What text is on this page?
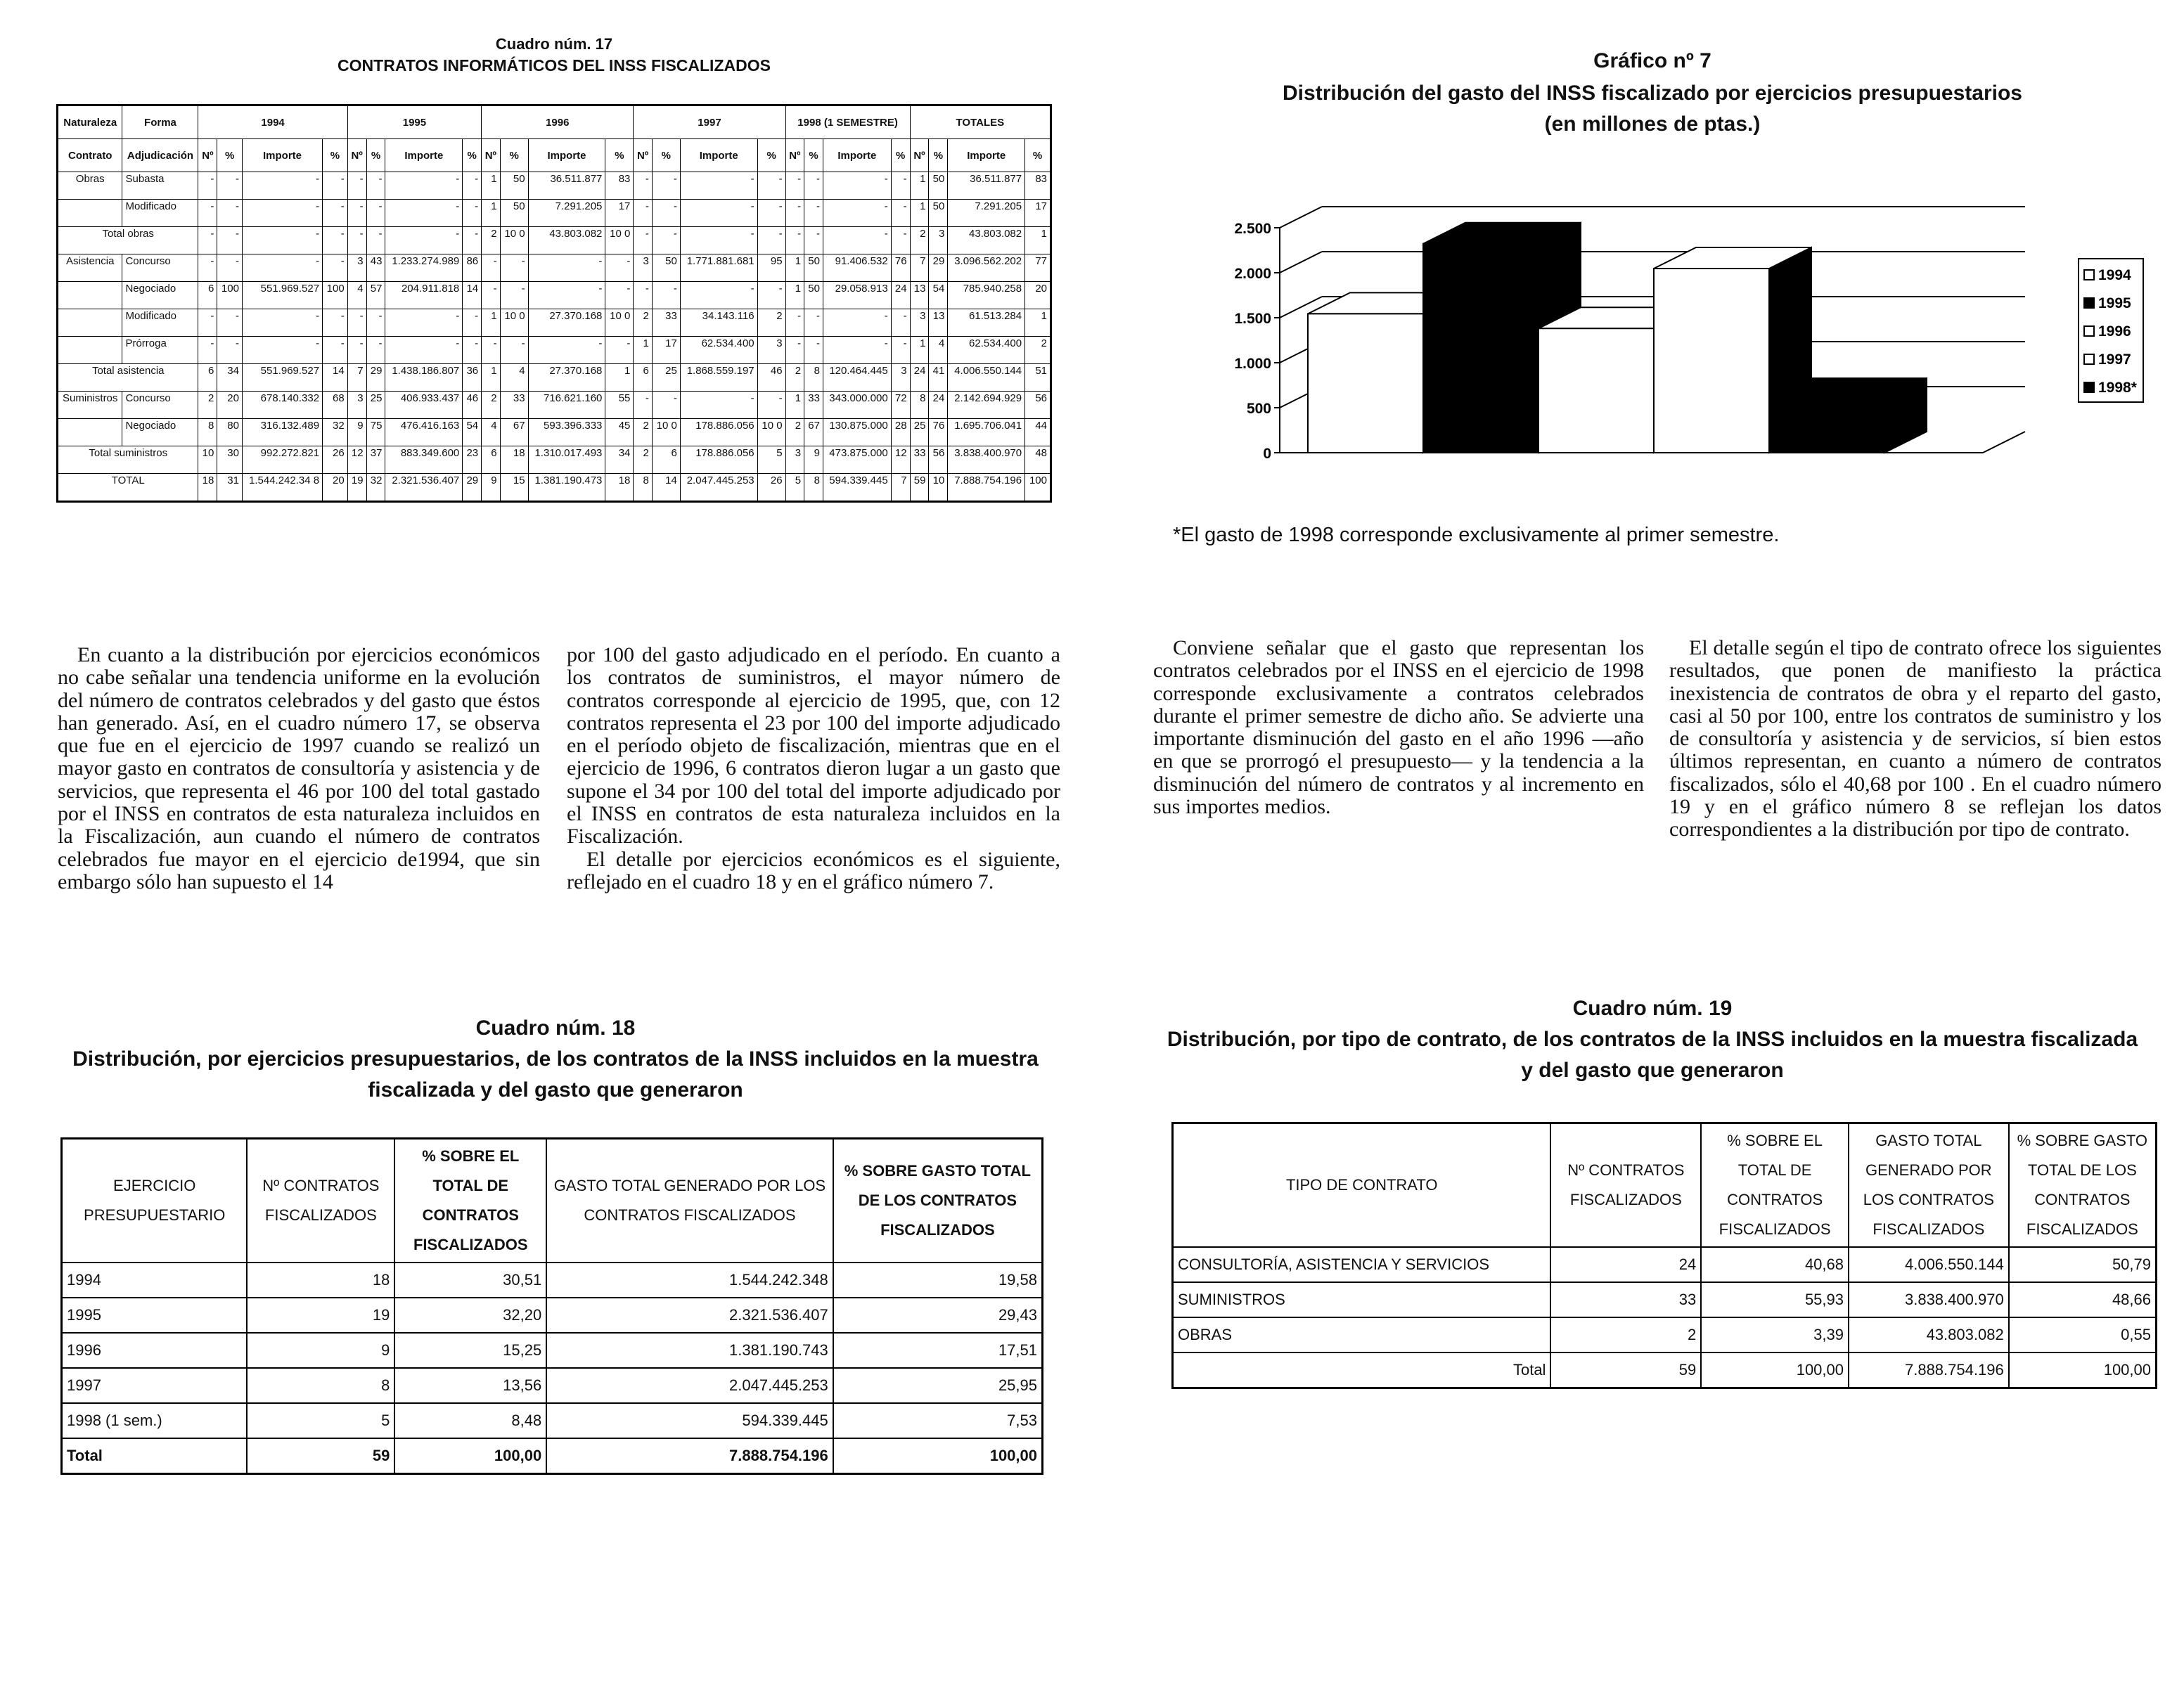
Cuadro núm. 17
CONTRATOS INFORMÁTICOS DEL INSS FISCALIZADOS
Naturaleza	Forma	1994				1995				1996				1997				1998 (1 SEMESTRE)				TOTALES			
Contrato	Adjudicación	Nº	%	Importe	%	Nº	%	Importe	%	Nº	%	Importe	%	Nº	%	Importe	%	Nº	%	Importe	%	Nº	%	Importe	%
Obras	Subasta	-	-	-	-	-	-	-	-	1	50	36.511.877	83	-	-	-	-	-	-	-	-	1	50	36.511.877	83
	Modificado	-	-	-	-	-	-	-	-	1	50	7.291.205	17	-	-	-	-	-	-	-	-	1	50	7.291.205	17
Total obras		-	-	-	-	-	-	-	-	2	10 0	43.803.082	10 0	-	-	-	-	-	-	-	-	2	3	43.803.082	1
Asistencia	Concurso	-	-	-	-	3	43	1.233.274.989	86	-	-	-	-	3	50	1.771.881.681	95	1	50	91.406.532	76	7	29	3.096.562.202	77
	Negociado	6	100	551.969.527	100	4	57	204.911.818	14	-	-	-	-	-	-	-	-	1	50	29.058.913	24	13	54	785.940.258	20
	Modificado	-	-	-	-	-	-	-	-	1	10 0	27.370.168	10 0	2	33	34.143.116	2	-	-	-	-	3	13	61.513.284	1
	Prórroga	-	-	-	-	-	-	-	-	-	-	-	-	1	17	62.534.400	3	-	-	-	-	1	4	62.534.400	2
Total asistencia		6	34	551.969.527	14	7	29	1.438.186.807	36	1	4	27.370.168	1	6	25	1.868.559.197	46	2	8	120.464.445	3	24	41	4.006.550.144	51
Suministros	Concurso	2	20	678.140.332	68	3	25	406.933.437	46	2	33	716.621.160	55	-	-	-	-	1	33	343.000.000	72	8	24	2.142.694.929	56
	Negociado	8	80	316.132.489	32	9	75	476.416.163	54	4	67	593.396.333	45	2	10 0	178.886.056	10 0	2	67	130.875.000	28	25	76	1.695.706.041	44
Total suministros		10	30	992.272.821	26	12	37	883.349.600	23	6	18	1.310.017.493	34	2	6	178.886.056	5	3	9	473.875.000	12	33	56	3.838.400.970	48
TOTAL		18	31	1.544.242.34 8	20	19	32	2.321.536.407	29	9	15	1.381.190.473	18	8	14	2.047.445.253	26	5	8	594.339.445	7	59	10	7.888.754.196	100
Gráfico nº 7
Distribución del gasto del INSS fiscalizado por ejercicios presupuestarios
(en millones de ptas.)
0
500
1.000
1.500
2.000
2.500
1994
1995
1996
1997
1998*
*El gasto de 1998 corresponde exclusivamente al primer semestre.

En cuanto a la distribución por ejercicios económicos no cabe señalar una tendencia uniforme en la evolución del número de contratos celebrados y del gasto que éstos han generado. Así, en el cuadro número 17, se observa que fue en el ejercicio de 1997 cuando se realizó un mayor gasto en contratos de consultoría y asistencia y de servicios, que representa el 46 por 100 del total gastado por el INSS en contratos de esta naturaleza incluidos en la Fiscalización, aun cuando el número de contratos celebrados fue mayor en el ejercicio de1994, que sin embargo sólo han supuesto el 14

por 100 del gasto adjudicado en el período. En cuanto a los contratos de suministros, el mayor número de contratos corresponde al ejercicio de 1995, que, con 12 contratos representa el 23 por 100 del importe adjudicado en el período objeto de fiscalización, mientras que en el ejercicio de 1996, 6 contratos dieron lugar a un gasto que supone el 34 por 100 del total del importe adjudicado por el INSS en contratos de esta naturaleza incluidos en la Fiscalización.

El detalle por ejercicios económicos es el siguiente, reflejado en el cuadro 18 y en el gráfico número 7.

Conviene señalar que el gasto que representan los contratos celebrados por el INSS en el ejercicio de 1998 corresponde exclusivamente a contratos celebrados durante el primer semestre de dicho año. Se advierte una importante disminución del gasto en el año 1996 —año en que se prorrogó el presupuesto— y la tendencia a la disminución del número de contratos y al incremento en sus importes medios.

El detalle según el tipo de contrato ofrece los siguientes resultados, que ponen de manifiesto la práctica inexistencia de contratos de obra y el reparto del gasto, casi al 50 por 100, entre los contratos de suministro y los de consultoría y asistencia y de servicios, sí bien estos últimos representan, en cuanto a número de contratos fiscalizados, sólo el 40,68 por 100 . En el cuadro número 19 y en el gráfico número 8 se reflejan los datos correspondientes a la distribución por tipo de contrato.

Cuadro núm. 18
Distribución, por ejercicios presupuestarios, de los contratos de la INSS incluidos en la muestra
fiscalizada y del gasto que generaron
EJERCICIO PRESUPUESTARIO	Nº CONTRATOS FISCALIZADOS	% SOBRE EL TOTAL DE CONTRATOS FISCALIZADOS	GASTO TOTAL GENERADO POR LOS CONTRATOS FISCALIZADOS	% SOBRE GASTO TOTAL DE LOS CONTRATOS FISCALIZADOS
1994	18	30,51	1.544.242.348	19,58
1995	19	32,20	2.321.536.407	29,43
1996	9	15,25	1.381.190.743	17,51
1997	8	13,56	2.047.445.253	25,95
1998 (1 sem.)	5	8,48	594.339.445	7,53
Total	59	100,00	7.888.754.196	100,00
Cuadro núm. 19
Distribución, por tipo de contrato, de los contratos de la INSS incluidos en la muestra fiscalizada
y del gasto que generaron
TIPO DE CONTRATO	Nº CONTRATOS FISCALIZADOS	% SOBRE EL TOTAL DE CONTRATOS FISCALIZADOS	GASTO TOTAL GENERADO POR LOS CONTRATOS FISCALIZADOS	% SOBRE GASTO TOTAL DE LOS CONTRATOS FISCALIZADOS
CONSULTORÍA, ASISTENCIA Y SERVICIOS	24	40,68	4.006.550.144	50,79
SUMINISTROS	33	55,93	3.838.400.970	48,66
OBRAS	2	3,39	43.803.082	0,55
Total	59	100,00	7.888.754.196	100,00
